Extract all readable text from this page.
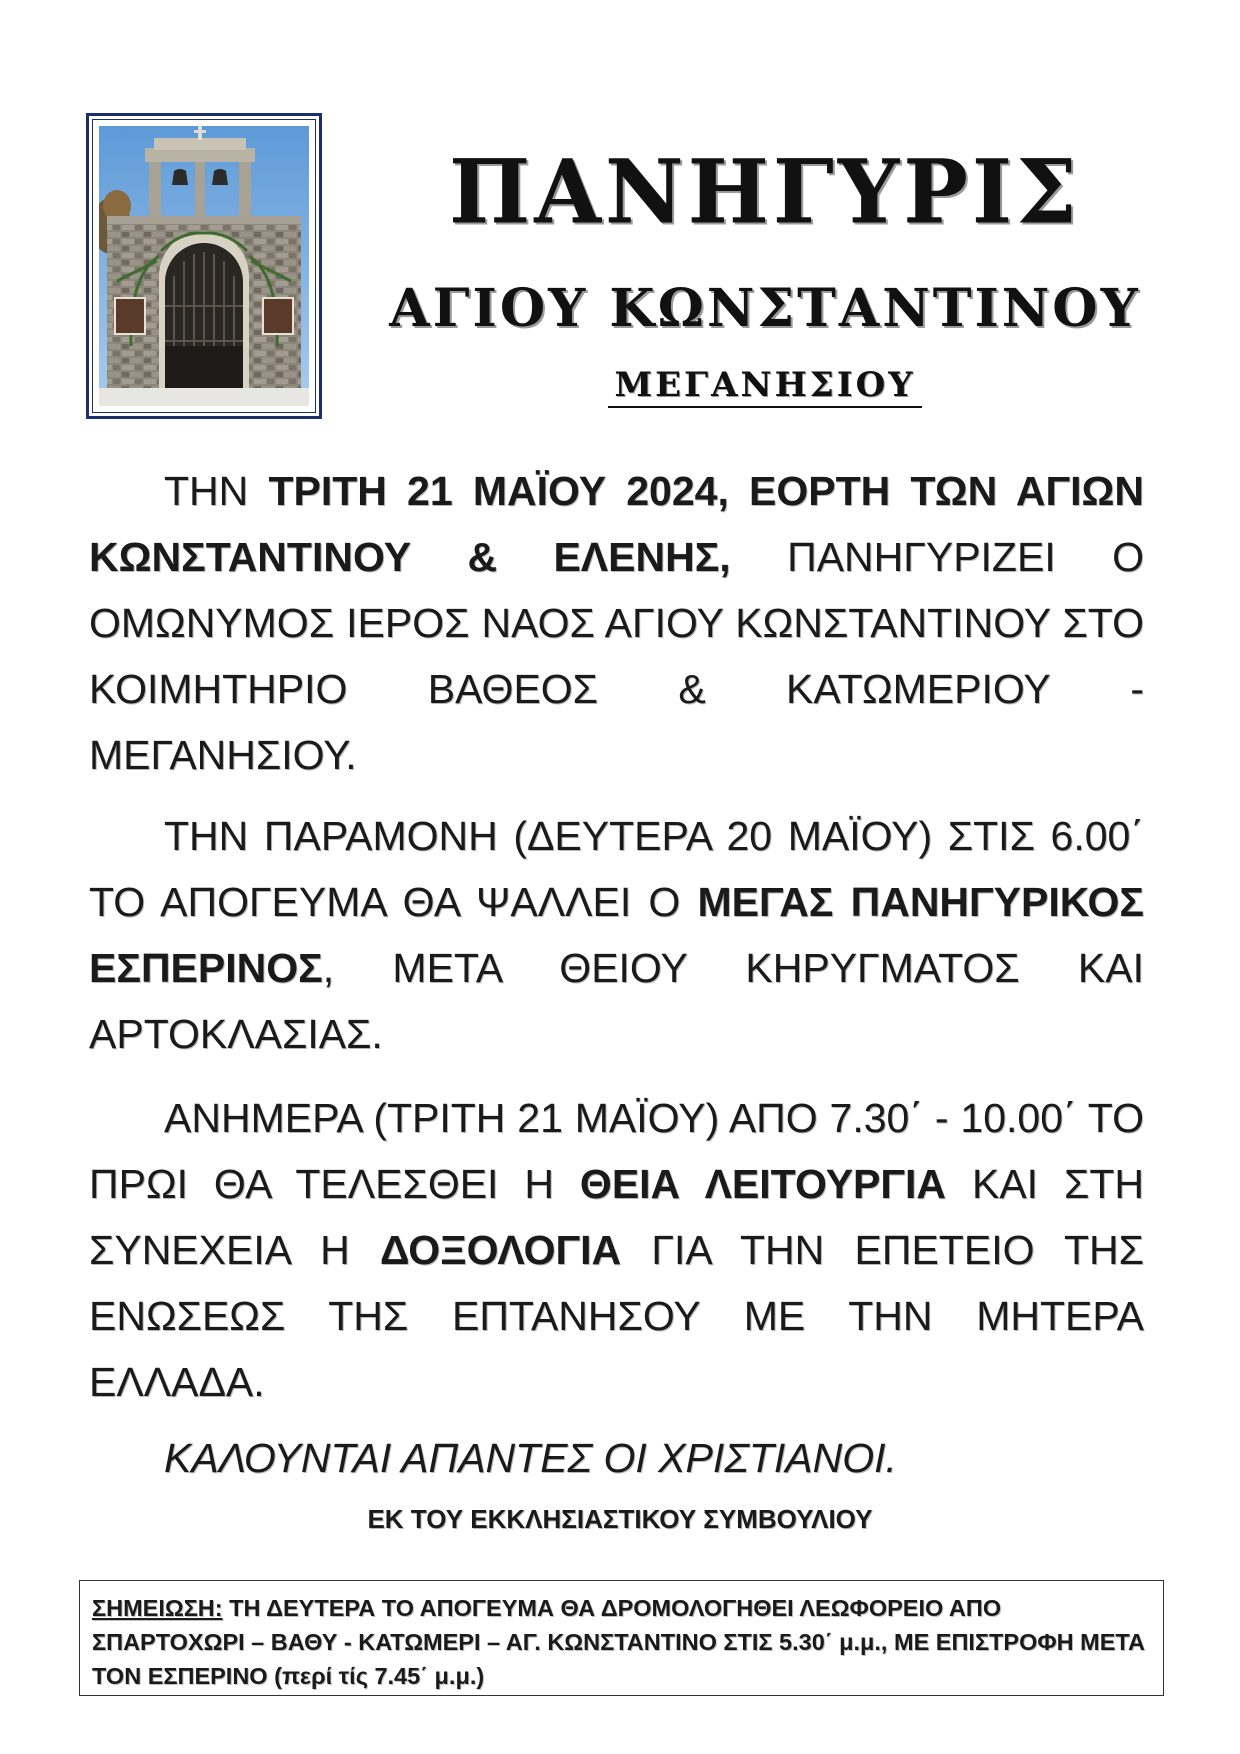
ΠΑΝΗΓΥΡΙΣ
ΑΓΙΟΥ ΚΩΝΣΤΑΝΤΙΝΟΥ
ΜΕΓΑΝΗΣΙΟΥ

ΤΗΝ ΤΡΙΤΗ 21 ΜΑΪΟΥ 2024, ΕΟΡΤΗ ΤΩΝ ΑΓΙΩΝ ΚΩΝΣΤΑΝΤΙΝΟΥ & ΕΛΕΝΗΣ, ΠΑΝΗΓΥΡΙΖΕΙ Ο ΟΜΩΝΥΜΟΣ ΙΕΡΟΣ ΝΑΟΣ ΑΓΙΟΥ ΚΩΝΣΤΑΝΤΙΝΟΥ ΣΤΟ ΚΟΙΜΗΤΗΡΙΟ ΒΑΘΕΟΣ & ΚΑΤΩΜΕΡΙΟΥ - ΜΕΓΑΝΗΣΙΟΥ.

ΤΗΝ ΠΑΡΑΜΟΝΗ (ΔΕΥΤΕΡΑ 20 ΜΑΪΟΥ) ΣΤΙΣ 6.00΄ ΤΟ ΑΠΟΓΕΥΜΑ ΘΑ ΨΑΛΛΕΙ Ο ΜΕΓΑΣ ΠΑΝΗΓΥΡΙΚΟΣ ΕΣΠΕΡΙΝΟΣ, ΜΕΤΑ ΘΕΙΟΥ ΚΗΡΥΓΜΑΤΟΣ ΚΑΙ ΑΡΤΟΚΛΑΣΙΑΣ.

ΑΝΗΜΕΡΑ (ΤΡΙΤΗ 21 ΜΑΪΟΥ) ΑΠΟ 7.30΄ - 10.00΄ ΤΟ ΠΡΩΙ ΘΑ ΤΕΛΕΣΘΕΙ Η ΘΕΙΑ ΛΕΙΤΟΥΡΓΙΑ ΚΑΙ ΣΤΗ ΣΥΝΕΧΕΙΑ Η ΔΟΞΟΛΟΓΙΑ ΓΙΑ ΤΗΝ ΕΠΕΤΕΙΟ ΤΗΣ ΕΝΩΣΕΩΣ ΤΗΣ ΕΠΤΑΝΗΣΟΥ ΜΕ ΤΗΝ ΜΗΤΕΡΑ ΕΛΛΑΔΑ.

ΚΑΛΟΥΝΤΑΙ ΑΠΑΝΤΕΣ ΟΙ ΧΡΙΣΤΙΑΝΟΙ.

ΕΚ ΤΟΥ ΕΚΚΛΗΣΙΑΣΤΙΚΟΥ ΣΥΜΒΟΥΛΙΟΥ

ΣΗΜΕΙΩΣΗ: ΤΗ ΔΕΥΤΕΡΑ ΤΟ ΑΠΟΓΕΥΜΑ ΘΑ ΔΡΟΜΟΛΟΓΗΘΕΙ ΛΕΩΦΟΡΕΙΟ ΑΠΟ ΣΠΑΡΤΟΧΩΡΙ – ΒΑΘΥ - ΚΑΤΩΜΕΡΙ – ΑΓ. ΚΩΝΣΤΑΝΤΙΝΟ ΣΤΙΣ 5.30΄ μ.μ., ΜΕ ΕΠΙΣΤΡΟΦΗ ΜΕΤΑ ΤΟΝ ΕΣΠΕΡΙΝΟ (περί τίς 7.45΄ μ.μ.)
